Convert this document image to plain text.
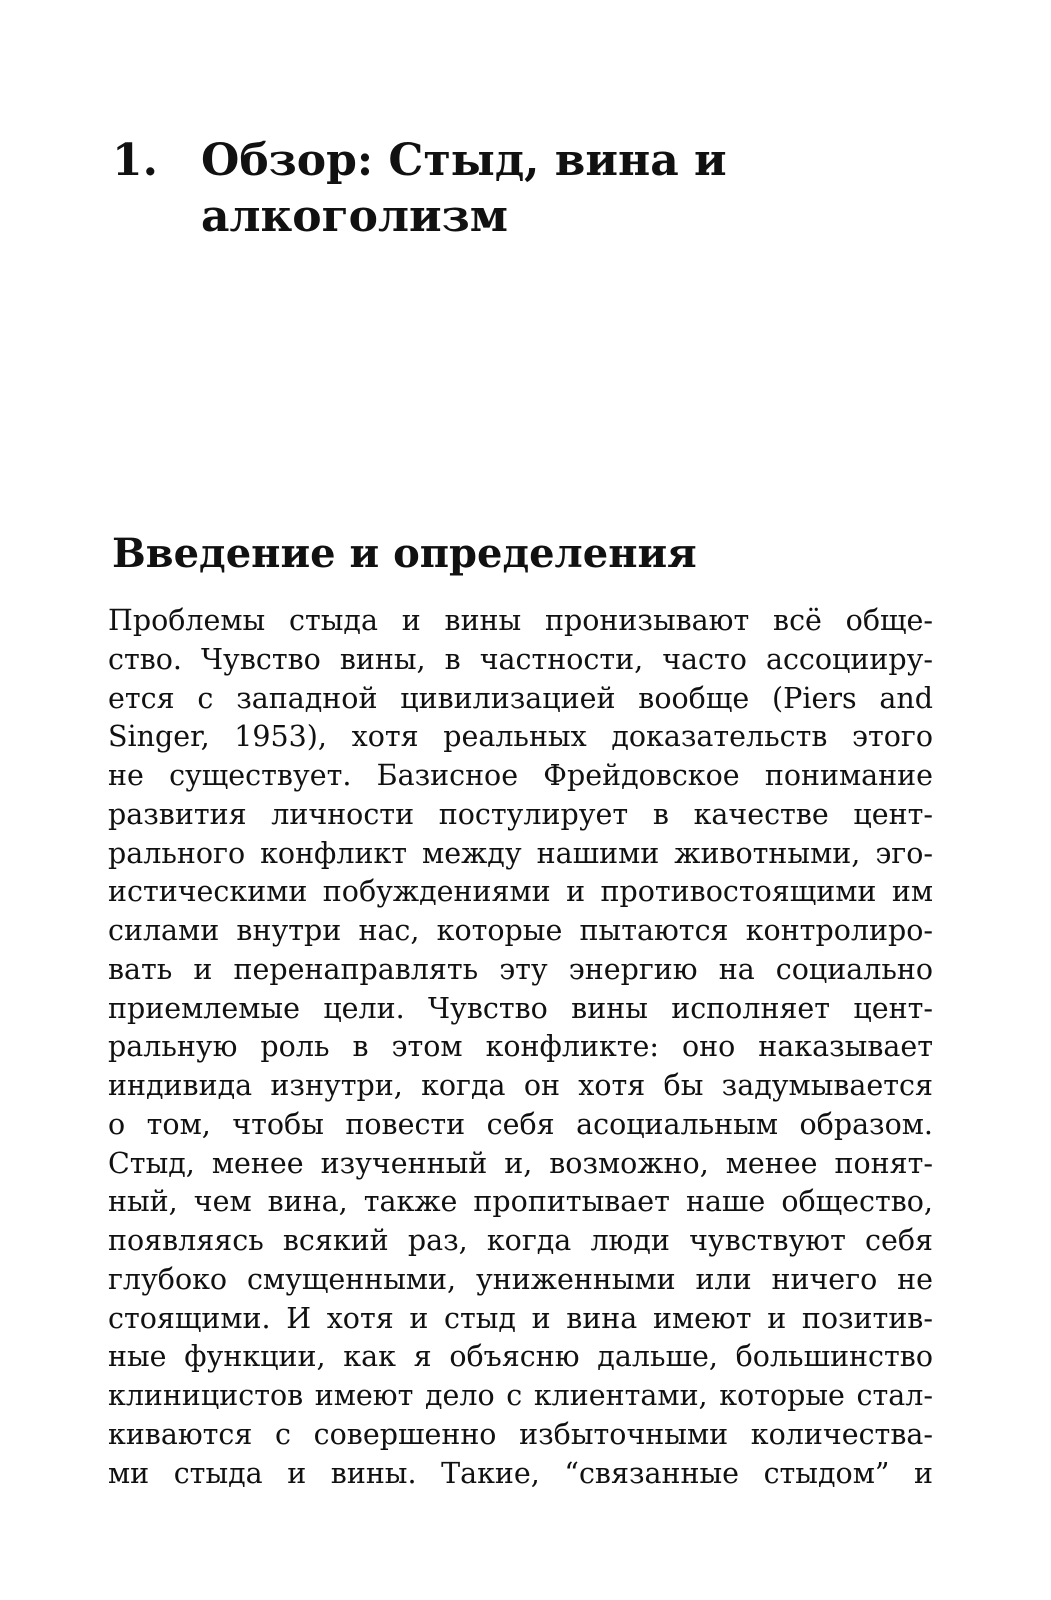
1. Обзор: Стыд, вина и
алкоголизм
Введение и определения
Проблемы стыда и вины пронизывают всё обще-
ство. Чувство вины, в частности, часто ассоцииру-
ется с западной цивилизацией вообще (Piers and
Singer, 1953), хотя реальных доказательств этого
не существует. Базисное Фрейдовское понимание
развития личности постулирует в качестве цент-
рального конфликт между нашими животными, эго-
истическими побуждениями и противостоящими им
силами внутри нас, которые пытаются контролиро-
вать и перенаправлять эту энергию на социально
приемлемые цели. Чувство вины исполняет цент-
ральную роль в этом конфликте: оно наказывает
индивида изнутри, когда он хотя бы задумывается
о том, чтобы повести себя асоциальным образом.
Стыд, менее изученный и, возможно, менее понят-
ный, чем вина, также пропитывает наше общество,
появляясь всякий раз, когда люди чувствуют себя
глубоко смущенными, униженными или ничего не
стоящими. И хотя и стыд и вина имеют и позитив-
ные функции, как я объясню дальше, большинство
клиницистов имеют дело с клиентами, которые стал-
киваются с совершенно избыточными количества-
ми стыда и вины. Такие, “связанные стыдом” и
